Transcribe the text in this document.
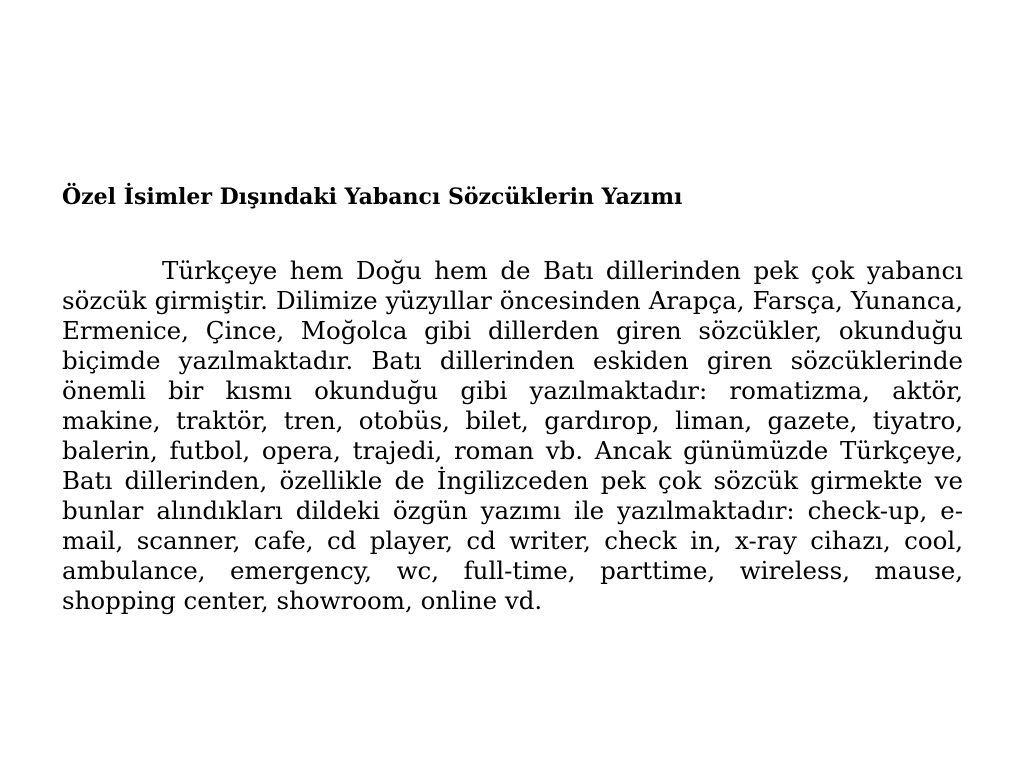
Özel İsimler Dışındaki Yabancı Sözcüklerin Yazımı

Türkçeye hem Doğu hem de Batı dillerinden pek çok yabancı sözcük girmiştir. Dilimize yüzyıllar öncesinden Arapça, Farsça, Yunanca, Ermenice, Çince, Moğolca gibi dillerden giren sözcükler, okunduğu biçimde yazılmaktadır. Batı dillerinden eskiden giren sözcüklerinde önemli bir kısmı okunduğu gibi yazılmaktadır: romatizma, aktör, makine, traktör, tren, otobüs, bilet, gardırop, liman, gazete, tiyatro, balerin, futbol, opera, trajedi, roman vb. Ancak günümüzde Türkçeye, Batı dillerinden, özellikle de İngilizceden pek çok sözcük girmekte ve bunlar alındıkları dildeki özgün yazımı ile yazılmaktadır: check-up, e-mail, scanner, cafe, cd player, cd writer, check in, x-ray cihazı, cool, ambulance, emergency, wc, full-time, parttime, wireless, mause, shopping center, showroom, online vd.
